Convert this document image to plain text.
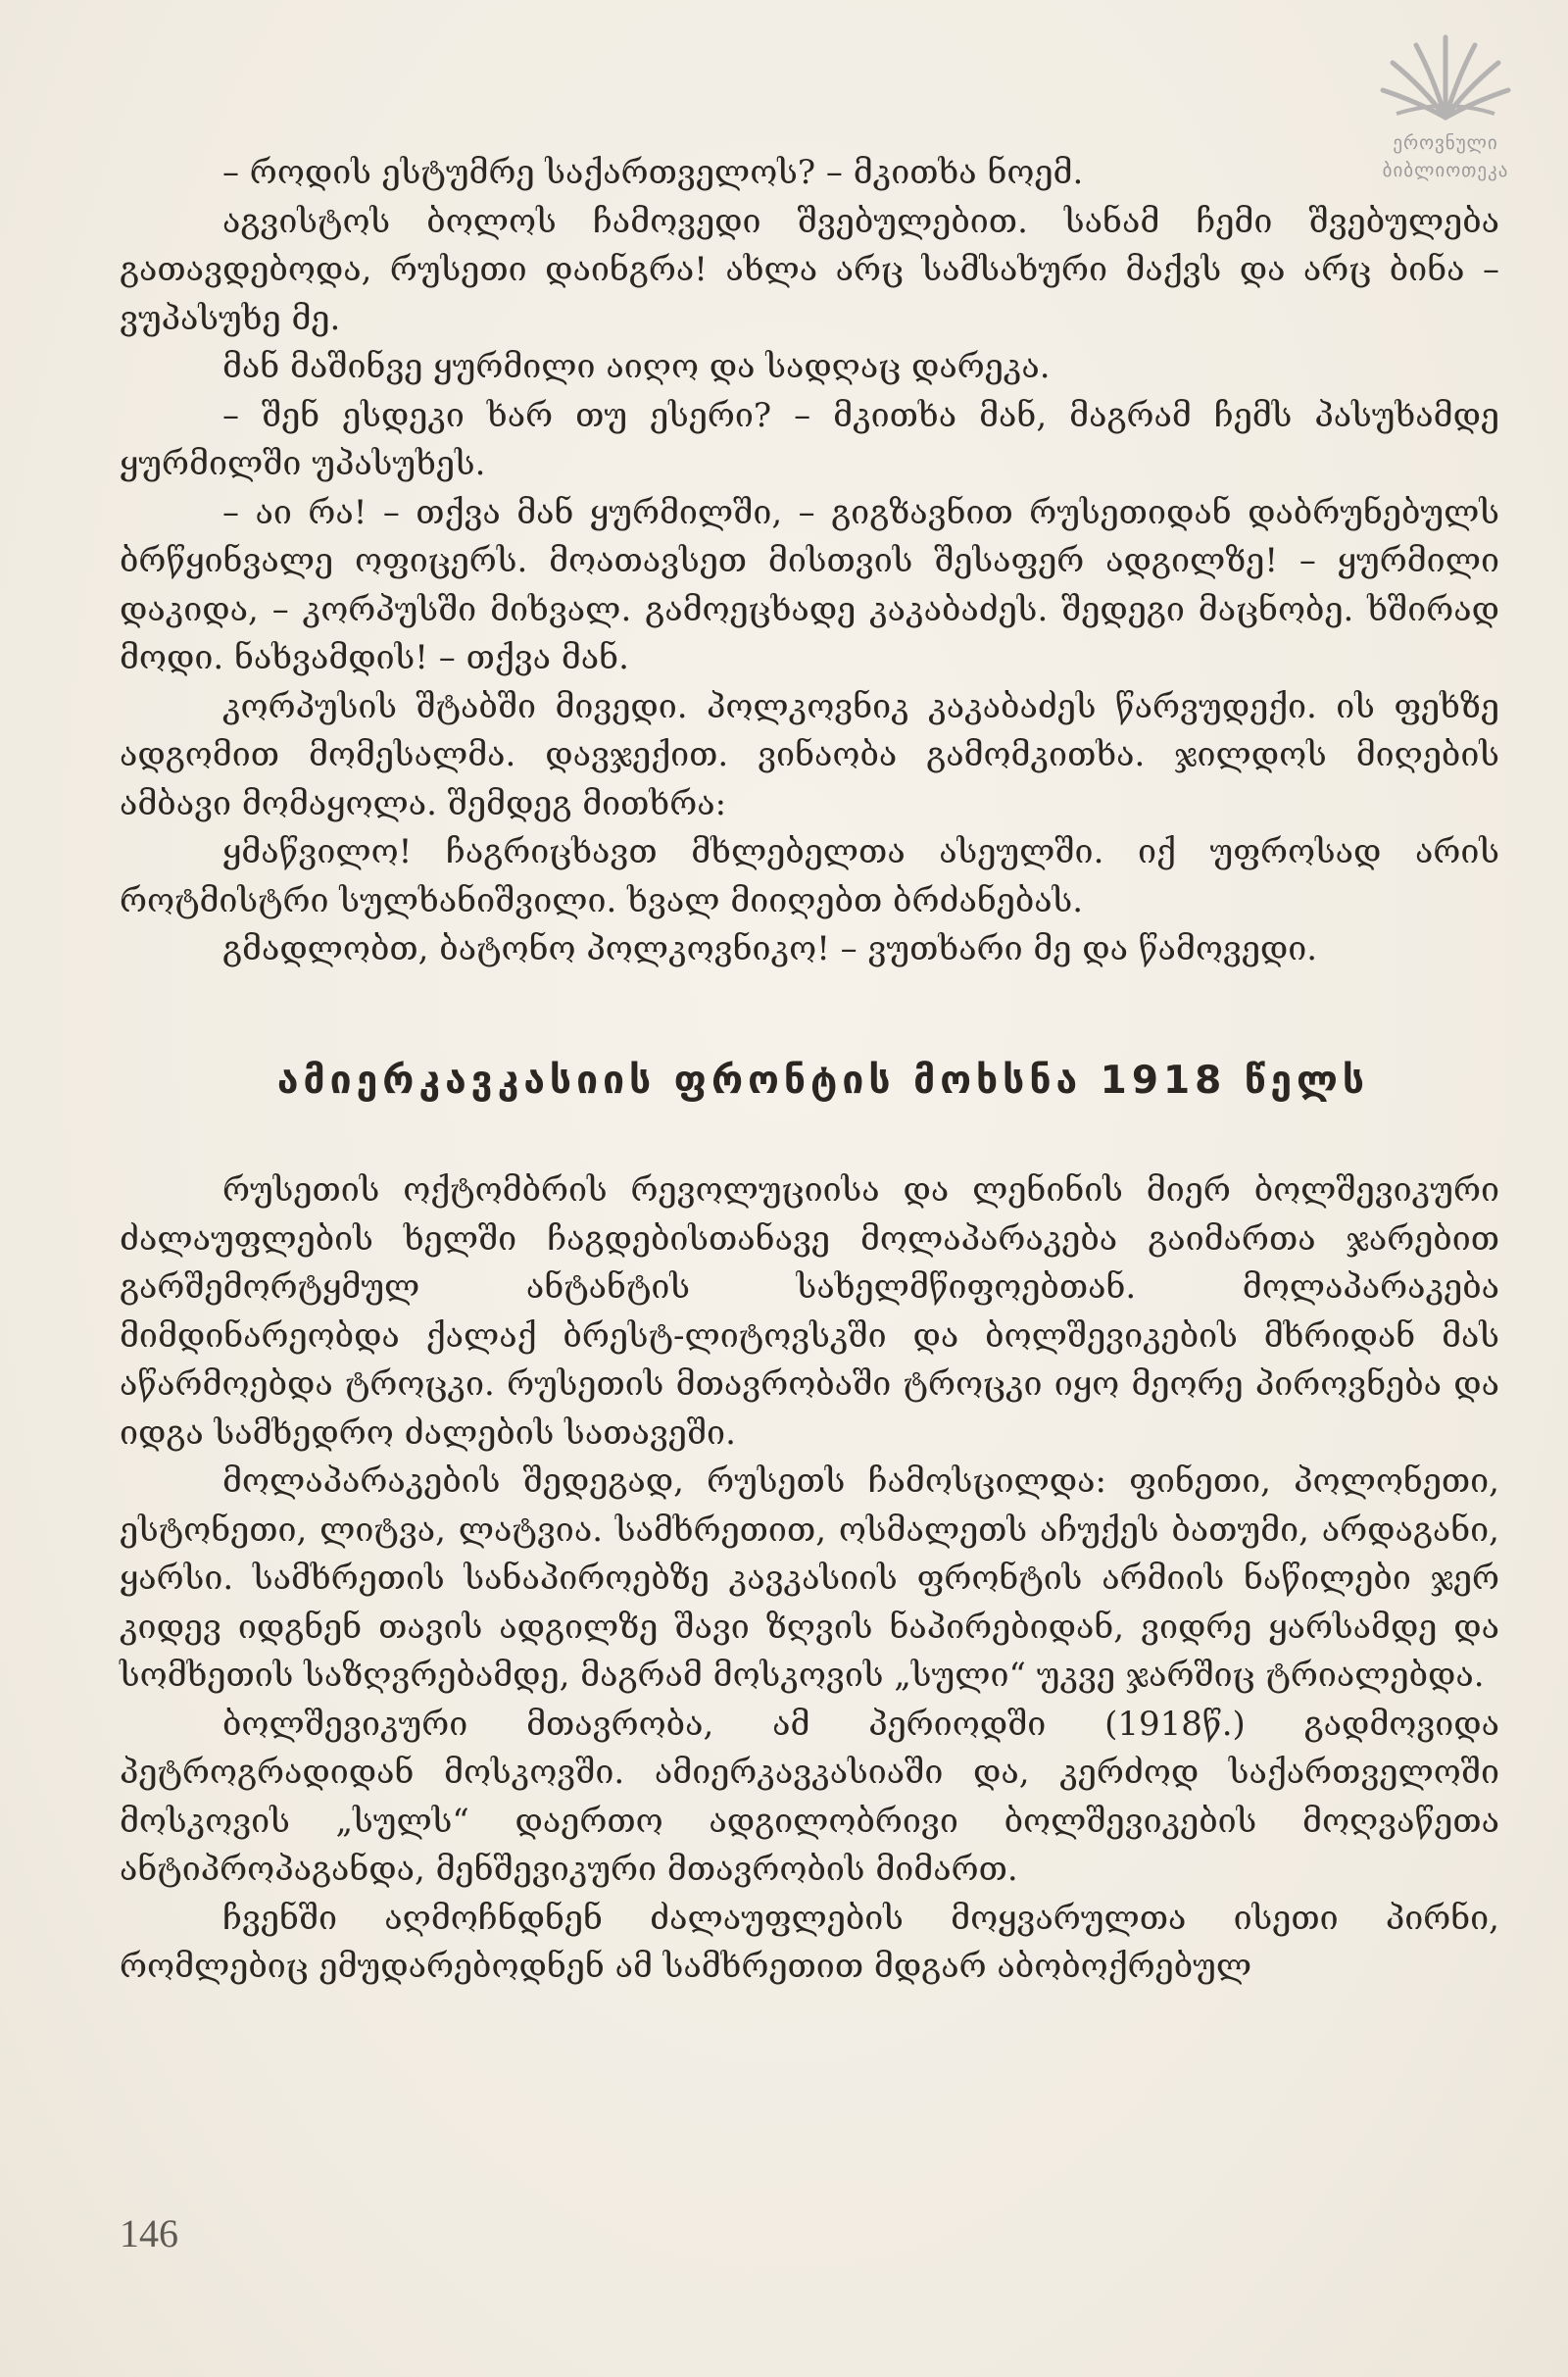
ეროვნული
ბიბლიოთეკა

– როდის ესტუმრე საქართველოს? – მკითხა ნოემ.

აგვისტოს ბოლოს ჩამოვედი შვებულებით. სანამ ჩემი შვებულება გათავდებოდა, რუსეთი დაინგრა! ახლა არც სამსახური მაქვს და არც ბინა – ვუპასუხე მე.

მან მაშინვე ყურმილი აიღო და სადღაც დარეკა.

– შენ ესდეკი ხარ თუ ესერი? – მკითხა მან, მაგრამ ჩემს პასუხამდე ყურმილში უპასუხეს.

– აი რა! – თქვა მან ყურმილში, – გიგზავნით რუსეთიდან დაბრუნებულს ბრწყინვალე ოფიცერს. მოათავსეთ მისთვის შესაფერ ადგილზე! – ყურმილი დაკიდა, – კორპუსში მიხვალ. გამოეცხადე კაკაბაძეს. შედეგი მაცნობე. ხშირად მოდი. ნახვამდის! – თქვა მან.

კორპუსის შტაბში მივედი. პოლკოვნიკ კაკაბაძეს წარვუდექი. ის ფეხზე ადგომით მომესალმა. დავჯექით. ვინაობა გამომკითხა. ჯილდოს მიღების ამბავი მომაყოლა. შემდეგ მითხრა:

ყმაწვილო! ჩაგრიცხავთ მხლებელთა ასეულში. იქ უფროსად არის როტმისტრი სულხანიშვილი. ხვალ მიიღებთ ბრძანებას.

გმადლობთ, ბატონო პოლკოვნიკო! – ვუთხარი მე და წამოვედი.

ამიერკავკასიის ფრონტის მოხსნა 1918 წელს

რუსეთის ოქტომბრის რევოლუციისა და ლენინის მიერ ბოლშევიკური ძალაუფლების ხელში ჩაგდებისთანავე მოლაპარაკება გაიმართა ჯარებით გარშემორტყმულ ანტანტის სახელმწიფოებთან. მოლაპარაკება მიმდინარეობდა ქალაქ ბრესტ-ლიტოვსკში და ბოლშევიკების მხრიდან მას აწარმოებდა ტროცკი. რუსეთის მთავრობაში ტროცკი იყო მეორე პიროვნება და იდგა სამხედრო ძალების სათავეში.

მოლაპარაკების შედეგად, რუსეთს ჩამოსცილდა: ფინეთი, პოლონეთი, ესტონეთი, ლიტვა, ლატვია. სამხრეთით, ოსმალეთს აჩუქეს ბათუმი, არდაგანი, ყარსი. სამხრეთის სანაპიროებზე კავკასიის ფრონტის არმიის ნაწილები ჯერ კიდევ იდგნენ თავის ადგილზე შავი ზღვის ნაპირებიდან, ვიდრე ყარსამდე და სომხეთის საზღვრებამდე, მაგრამ მოსკოვის „სული“ უკვე ჯარშიც ტრიალებდა.

ბოლშევიკური მთავრობა, ამ პერიოდში (1918წ.) გადმოვიდა პეტროგრადიდან მოსკოვში. ამიერკავკასიაში და, კერძოდ საქართველოში მოსკოვის „სულს“ დაერთო ადგილობრივი ბოლშევიკების მოღვაწეთა ანტიპროპაგანდა, მენშევიკური მთავრობის მიმართ.

ჩვენში აღმოჩნდნენ ძალაუფლების მოყვარულთა ისეთი პირნი, რომლებიც ემუდარებოდნენ ამ სამხრეთით მდგარ აბობოქრებულ

146
